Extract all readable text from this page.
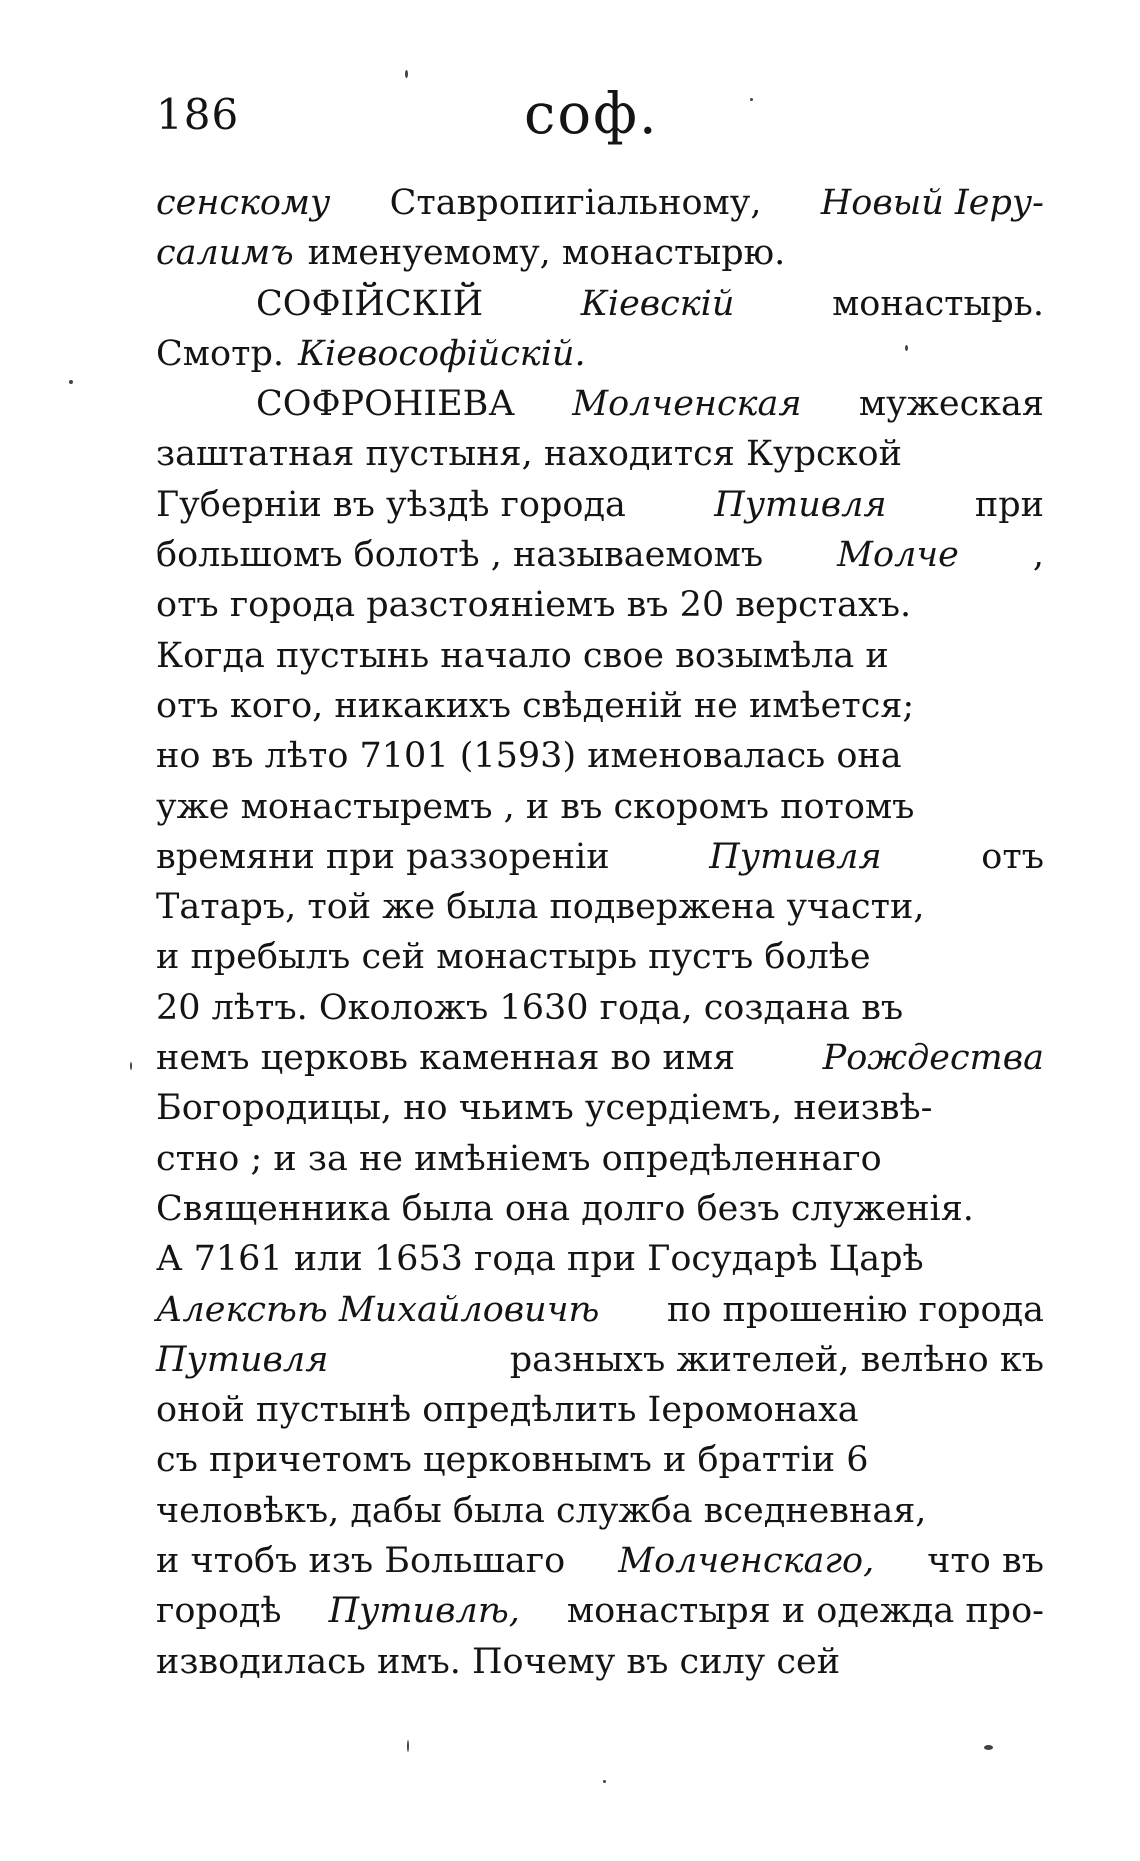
186	соф.
сенскому Ставропигіальному, Новый Іеру-
салимъ именуемому, монастырю.
СОФІЙСКІЙ	Кіевскій	монастырь.
Смотр. Кіевософійскій.
СОФРОНІЕВА Молченская мужеская
заштатная пустыня, находится Курской
Губерніи въ уѣздѣ города	Путивля	при
большомъ болотѣ , называемомъ Молче ,
отъ города разстояніемъ въ 20 верстахъ.
Когда пустынь начало свое возымѣла и
отъ кого, никакихъ свѣденій не имѣется;
но въ лѣто 7101 (1593) именовалась она
уже монастыремъ , и въ скоромъ потомъ
времяни при раззореніи	Путивля	отъ
Татаръ, той же была подвержена участи,
и пребылъ сей монастырь пустъ болѣе
20 лѣтъ. Околожъ 1630 года, создана въ
немъ церковь каменная во имя	Рождества
Богородицы, но чьимъ усердіемъ, неизвѣ-
стно ; и за не имѣніемъ опредѣленнаго
Священника была она долго безъ служенія.
А 7161 или 1653 года при Государѣ Царѣ
Алексѣѣ Михайловичѣ по прошенію города
Путивля	разныхъ жителей, велѣно къ
оной пустынѣ опредѣлить Іеромонаха
съ причетомъ церковнымъ и браттіи 6
человѣкъ, дабы была служба вседневная,
и чтобъ изъ Большаго Молченскаго, что въ
городѣ Путивлѣ, монастыря и одежда про-
изводилась имъ. Почему въ силу сей
